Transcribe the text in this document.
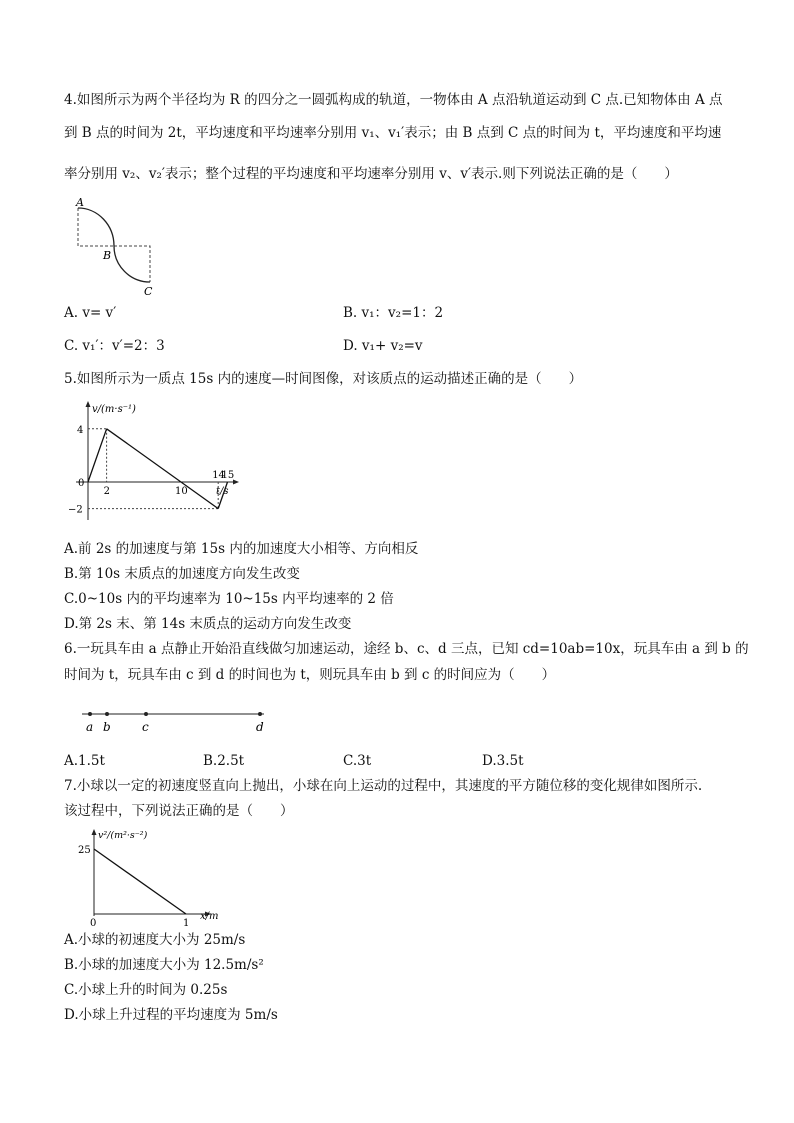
4.如图所示为两个半径均为 R 的四分之一圆弧构成的轨道，一物体由 A 点沿轨道运动到 C 点.已知物体由 A 点
到 B 点的时间为 2t，平均速度和平均速率分别用 v₁、v₁′表示；由 B 点到 C 点的时间为 t，平均速度和平均速
率分别用 v₂、v₂′表示；整个过程的平均速度和平均速率分别用 v、v′表示.则下列说法正确的是（　　）
A
B
C
A. v= v′	B. v₁：v₂=1：2
C. v₁′：v′=2：3	D. v₁+ v₂=v
5.如图所示为一质点 15s 内的速度—时间图像，对该质点的运动描述正确的是（　　）
v/(m·s⁻¹)
t/s
0
2	10
14
15
4
−2
A.前 2s 的加速度与第 15s 内的加速度大小相等、方向相反
B.第 10s 末质点的加速度方向发生改变
C.0~10s 内的平均速率为 10~15s 内平均速率的 2 倍
D.第 2s 末、第 14s 末质点的运动方向发生改变
6.一玩具车由 a 点静止开始沿直线做匀加速运动，途经 b、c、d 三点，已知 cd=10ab=10x，玩具车由 a 到 b 的
时间为 t，玩具车由 c 到 d 的时间也为 t，则玩具车由 b 到 c 的时间应为（　　）
a b	c	d
A.1.5t	B.2.5t	C.3t	D.3.5t
7.小球以一定的初速度竖直向上抛出，小球在向上运动的过程中，其速度的平方随位移的变化规律如图所示.
该过程中，下列说法正确的是（　　）
v²/(m²·s⁻²)
x/m
0	1
25
A.小球的初速度大小为 25m/s
B.小球的加速度大小为 12.5m/s²
C.小球上升的时间为 0.25s
D.小球上升过程的平均速度为 5m/s
